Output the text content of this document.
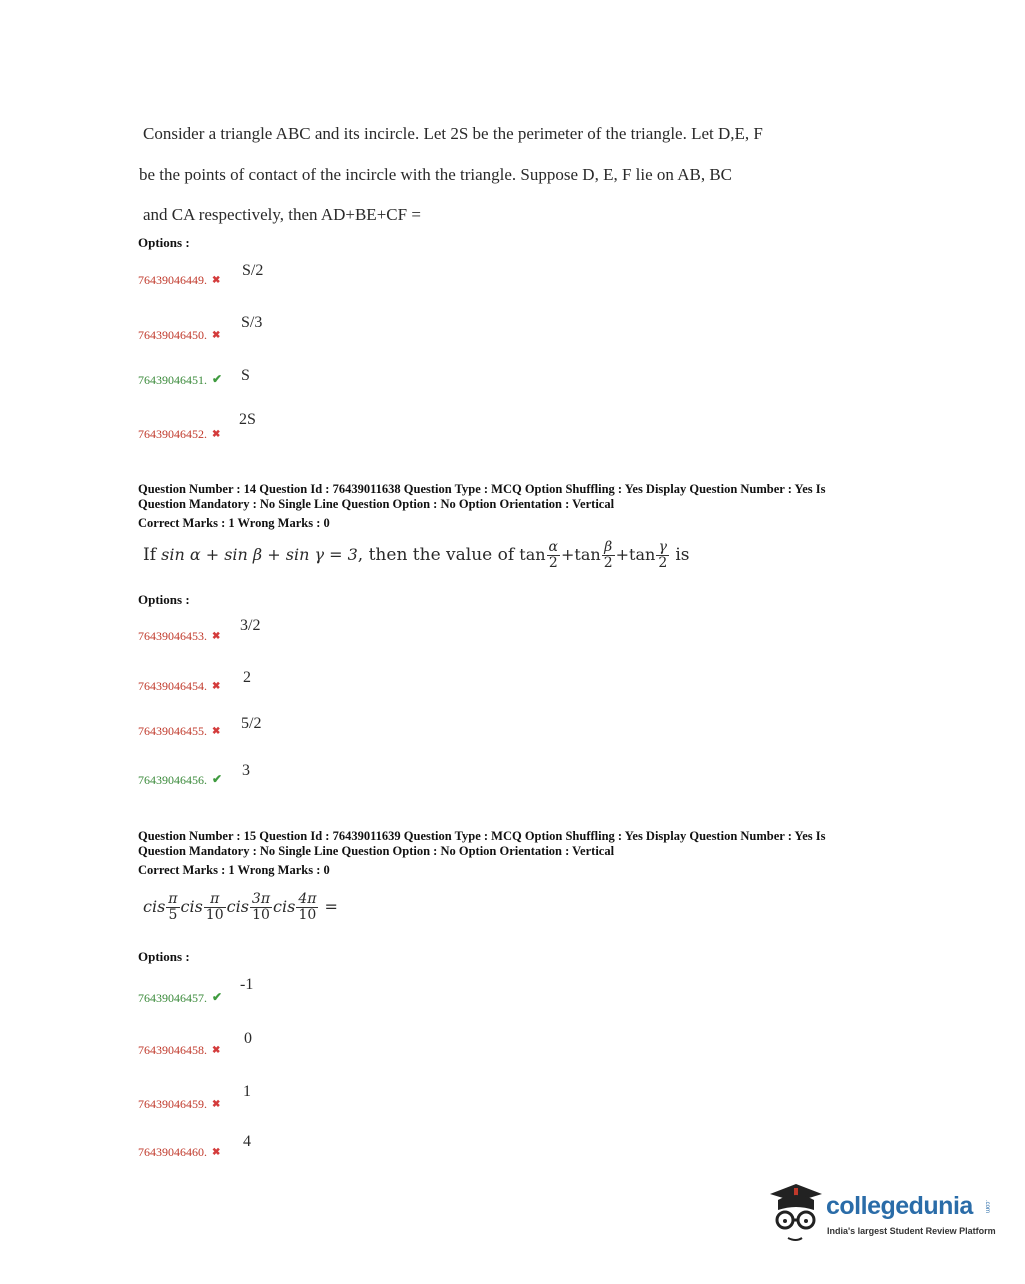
Consider a triangle ABC and its incircle. Let 2S be the perimeter of the triangle. Let D,E, F
be the points of contact of the incircle with the triangle. Suppose D, E, F lie on AB, BC
and CA respectively, then AD+BE+CF =
Options :
76439046449. ✖
S/2
76439046450. ✖
S/3
76439046451. ✔ S
76439046452. ✖
2S
Question Number : 14 Question Id : 76439011638 Question Type : MCQ Option Shuffling : Yes Display Question Number : Yes Is
Question Mandatory : No Single Line Question Option : No Option Orientation : Vertical
Correct Marks : 1 Wrong Marks : 0
If sin α + sin β + sin γ = 3, then the value of $\tan \frac{\alpha}{2} +\tan \frac{\beta}{2} +\tan \frac{\gamma}{2}$ is
Options :
76439046453. ✖
3/2
76439046454. ✖
2
76439046455. ✖ 5/2
76439046456. ✔ 3
Question Number : 15 Question Id : 76439011639 Question Type : MCQ Option Shuffling : Yes Display Question Number : Yes Is
Question Mandatory : No Single Line Question Option : No Option Orientation : Vertical
Correct Marks : 1 Wrong Marks : 0
cis $\frac{\pi}{5}$ cis $\frac{\pi}{10}$ cis $\frac{3\pi}{10}$ cis $\frac{4\pi}{10}$ =
Options :
76439046457. ✔
-1
76439046458. ✖
0
76439046459. ✖
1
76439046460. ✖
4
collegedunia .com
India's largest Student Review Platform
